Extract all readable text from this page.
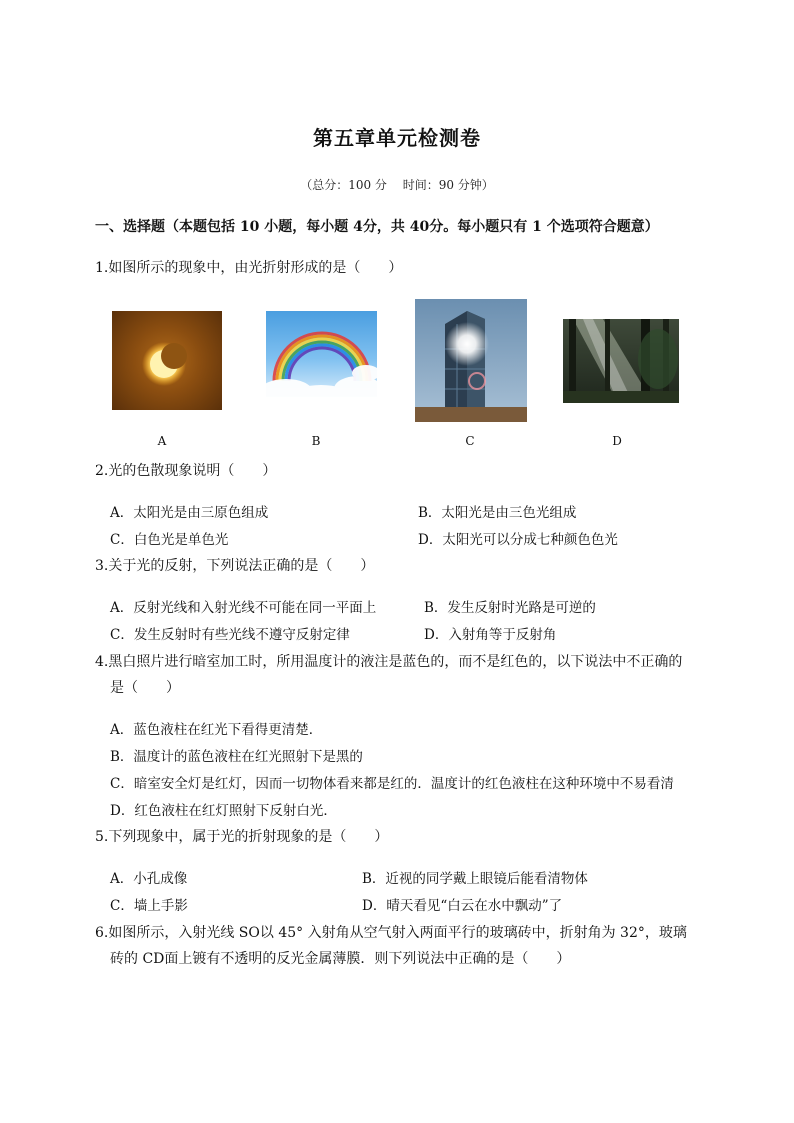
第五章单元检测卷
（总分：100 分　 时间：90 分钟）
一、选择题（本题包括 10 小题，每小题 4分，共 40分。每小题只有 1 个选项符合题意）
1.如图所示的现象中，由光折射形成的是（　　）
A	B	C	D
2.光的色散现象说明（　　）
A．太阳光是由三原色组成	B．太阳光是由三色光组成
C．白色光是单色光	D．太阳光可以分成七种颜色色光
3.关于光的反射，下列说法正确的是（　　）
A．反射光线和入射光线不可能在同一平面上	B．发生反射时光路是可逆的
C．发生反射时有些光线不遵守反射定律	D．入射角等于反射角
4.黑白照片进行暗室加工时，所用温度计的液注是蓝色的，而不是红色的，以下说法中不正确的
是（　　）
A．蓝色液柱在红光下看得更清楚．
B．温度计的蓝色液柱在红光照射下是黑的
C．暗室安全灯是红灯，因而一切物体看来都是红的．温度计的红色液柱在这种环境中不易看清
D．红色液柱在红灯照射下反射白光．
5.下列现象中，属于光的折射现象的是（　　）
A．小孔成像	B．近视的同学戴上眼镜后能看清物体
C．墙上手影	D．晴天看见“白云在水中飘动”了
6.如图所示，入射光线 SO以 45° 入射角从空气射入两面平行的玻璃砖中，折射角为 32°，玻璃
砖的 CD面上镀有不透明的反光金属薄膜．则下列说法中正确的是（　　）
